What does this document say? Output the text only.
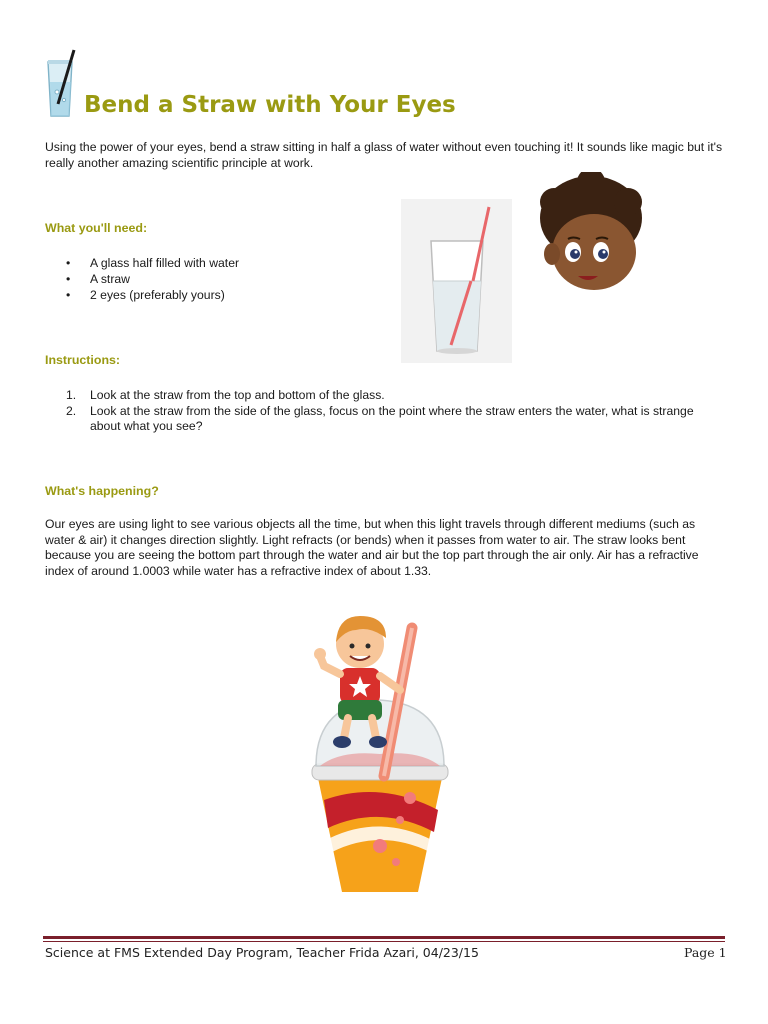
Bend a Straw with Your Eyes
Using the power of your eyes, bend a straw sitting in half a glass of water without even touching it! It sounds like magic but it's really another amazing scientific principle at work.
What you'll need:
• A glass half filled with water
• A straw
• 2 eyes (preferably yours)
Instructions:
1. Look at the straw from the top and bottom of the glass.
2. Look at the straw from the side of the glass, focus on the point where the straw enters the water, what is strange about what you see?
What's happening?
Our eyes are using light to see various objects all the time, but when this light travels through different mediums (such as water & air) it changes direction slightly. Light refracts (or bends) when it passes from water to air. The straw looks bent because you are seeing the bottom part through the water and air but the top part through the air only. Air has a refractive index of around 1.0003 while water has a refractive index of about 1.33.
Science at FMS Extended Day Program, Teacher Frida Azari, 04/23/15	Page 1
